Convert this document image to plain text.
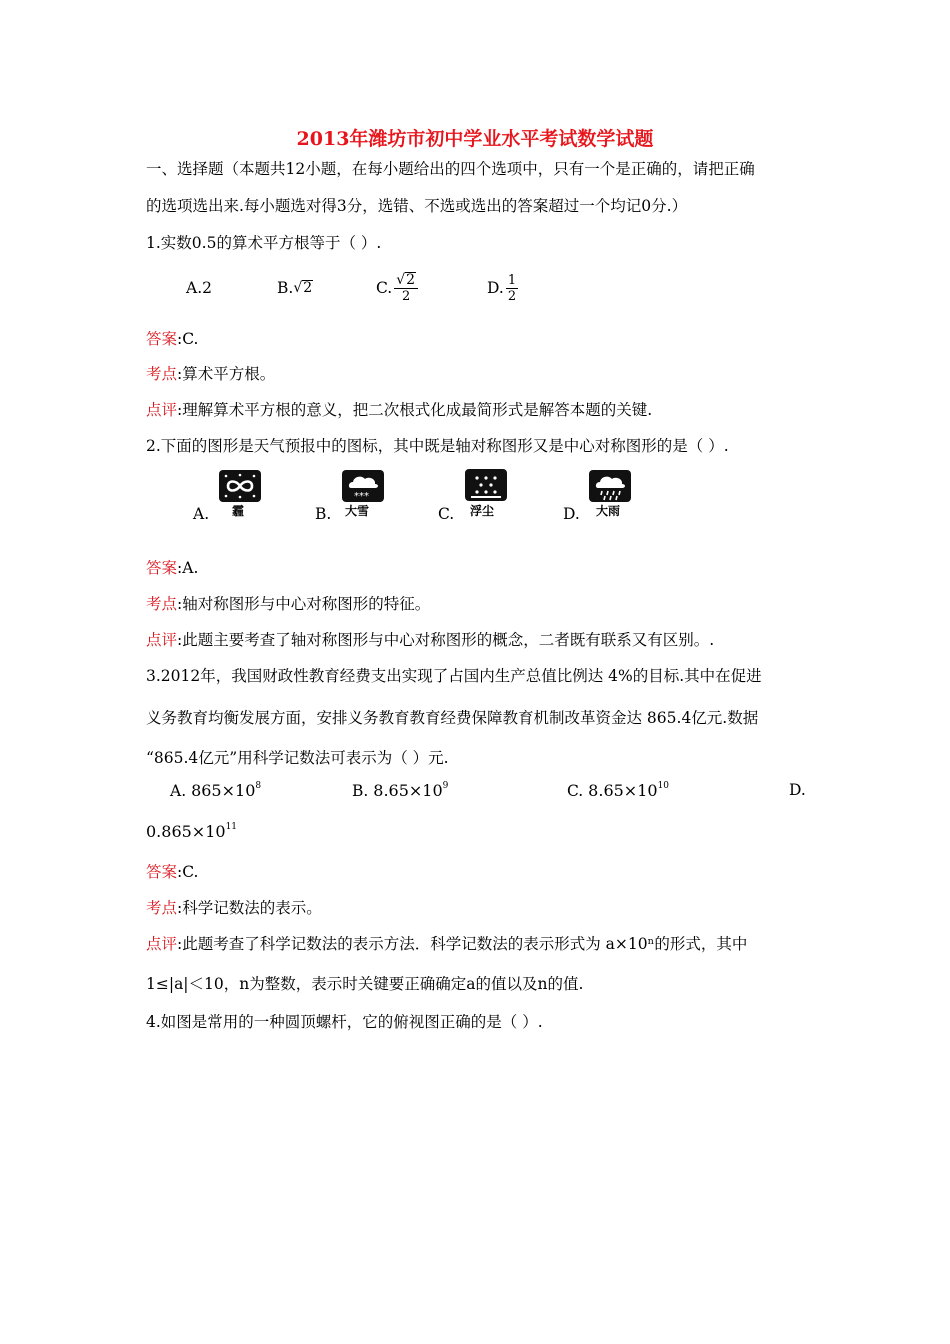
2013年潍坊市初中学业水平考试数学试题
一、选择题（本题共12小题，在每小题给出的四个选项中，只有一个是正确的，请把正确
的选项选出来.每小题选对得3分，选错、不选或选出的答案超过一个均记0分.）
1.实数0.5的算术平方根等于（ ）.
A. 2	B. √ 2	C. $\frac{√ 2}{2}$	D. $\frac{1}{2}$
答案:C.
考点:算术平方根。
点评:理解算术平方根的意义，把二次根式化成最简形式是解答本题的关键.
2.下面的图形是天气预报中的图标，其中既是轴对称图形又是中心对称图形的是（ ）.
A. 霾	B.
***
大雪	C. 浮尘	D. 大雨
答案:A.
考点:轴对称图形与中心对称图形的特征。
点评:此题主要考查了轴对称图形与中心对称图形的概念，二者既有联系又有区别。.
3.2012年，我国财政性教育经费支出实现了占国内生产总值比例达 4%的目标.其中在促进
义务教育均衡发展方面，安排义务教育教育经费保障教育机制改革资金达 865.4亿元.数据
“865.4亿元”用科学记数法可表示为（ ）元.
A. $865\times 10^8$	B. $8.65\times 10^9$	C. $8.65\times 10^{10}$	D.
$0.865\times 10^{11}$
答案:C.
考点:科学记数法的表示。
点评:此题考查了科学记数法的表示方法．科学记数法的表示形式为 a×10ⁿ的形式，其中
1≤|a|＜10，n为整数，表示时关键要正确确定a的值以及n的值.
4.如图是常用的一种圆顶螺杆，它的俯视图正确的是（ ）.
